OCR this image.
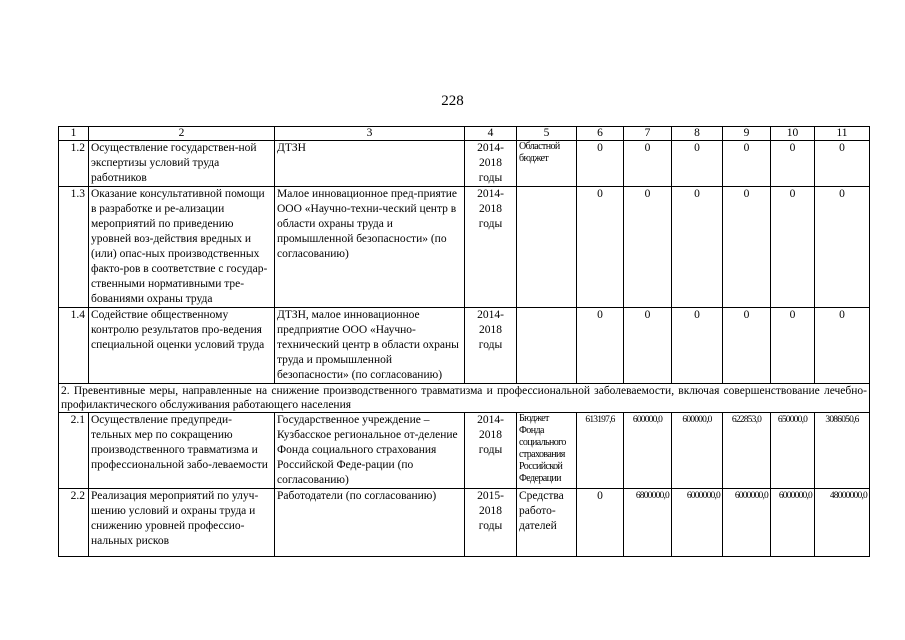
228
1	2	3	4	5	6	7	8	9	10	11
1.2	Осуществление государствен-ной экспертизы условий труда работников	ДТЗН	2014-2018 годы	Областной бюджет	0	0	0	0	0	0
1.3	Оказание консультативной помощи в разработке и ре-ализации мероприятий по приведению уровней воз-действия вредных и (или) опас-ных производственных факто-ров в соответствие с государ-ственными нормативными тре-бованиями охраны труда	Малое инновационное пред-приятие ООО «Научно-техни-ческий центр в области охраны труда и промышленной безопасности» (по согласованию)	2014-2018 годы		0	0	0	0	0	0
1.4	Содействие общественному контролю результатов про-ведения специальной оценки условий труда	ДТЗН, малое инновационное предприятие ООО «Научно-технический центр в области охраны труда и промышленной безопасности» (по согласованию)	2014-2018 годы		0	0	0	0	0	0
2. Превентивные меры, направленные на снижение производственного травматизма и профессиональной заболеваемости, включая совершенствование лечебно-профилактического обслуживания работающего населения										
2.1	Осуществление предупреди-тельных мер по сокращению производственного травматизма и профессиональной забо-леваемости	Государственное учреждение – Кузбасское региональное от-деление Фонда социального страхования Российской Феде-рации (по согласованию)	2014-2018 годы	Бюджет Фонда социального страхования Российской Федерации	613197,6	600000,0	600000,0	622853,0	650000,0	3086050,6
2.2	Реализация мероприятий по улуч-шению условий и охраны труда и снижению уровней профессио-нальных рисков	Работодатели (по согласованию)	2015-2018 годы	Средства работо-дателей	0	6800000,0	6000000,0	6000000,0	6000000,0	48000000,0
